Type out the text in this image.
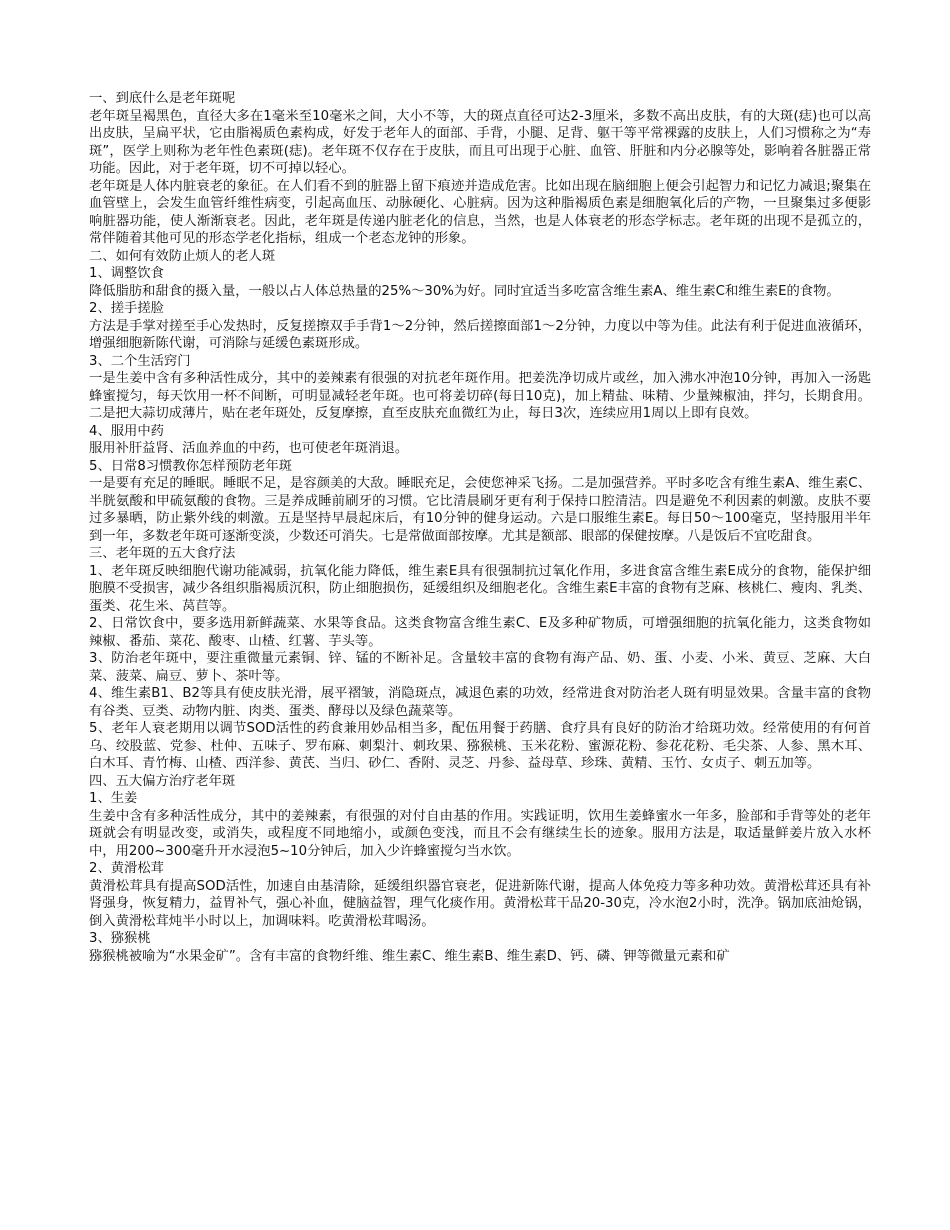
一、到底什么是老年斑呢

老年斑呈褐黑色，直径大多在1毫米至10毫米之间，大小不等，大的斑点直径可达2-3厘米，多数不高出皮肤，有的大斑(痣)也可以高出皮肤，呈扁平状，它由脂褐质色素构成，好发于老年人的面部、手背，小腿、足背、躯干等平常裸露的皮肤上，人们习惯称之为“寿斑”，医学上则称为老年性色素斑(痣)。老年斑不仅存在于皮肤，而且可出现于心脏、血管、肝脏和内分必腺等处，影响着各脏器正常功能。因此，对于老年斑，切不可掉以轻心。

老年斑是人体内脏衰老的象征。在人们看不到的脏器上留下痕迹并造成危害。比如出现在脑细胞上便会引起智力和记忆力减退;聚集在血管壁上，会发生血管纤维性病变，引起高血压、动脉硬化、心脏病。因为这种脂褐质色素是细胞氧化后的产物，一旦聚集过多便影响脏器功能，使人渐渐衰老。因此，老年斑是传递内脏老化的信息，当然，也是人体衰老的形态学标志。老年斑的出现不是孤立的，常伴随着其他可见的形态学老化指标，组成一个老态龙钟的形象。

二、如何有效防止烦人的老人斑

1、调整饮食

降低脂肪和甜食的摄入量，一般以占人体总热量的25%～30%为好。同时宜适当多吃富含维生素A、维生素C和维生素E的食物。

2、搓手搓脸

方法是手掌对搓至手心发热时，反复搓擦双手手背1～2分钟，然后搓擦面部1～2分钟，力度以中等为佳。此法有利于促进血液循环，增强细胞新陈代谢，可消除与延缓色素斑形成。

3、二个生活窍门

一是生姜中含有多种活性成分，其中的姜辣素有很强的对抗老年斑作用。把姜洗净切成片或丝，加入沸水冲泡10分钟，再加入一汤匙蜂蜜搅匀，每天饮用一杯不间断，可明显减轻老年斑。也可将姜切碎(每日10克)，加上精盐、味精、少量辣椒油，拌匀，长期食用。二是把大蒜切成薄片，贴在老年斑处，反复摩擦，直至皮肤充血微红为止，每日3次，连续应用1周以上即有良效。

4、服用中药

服用补肝益肾、活血养血的中药，也可使老年斑消退。

5、日常8习惯教你怎样预防老年斑

一是要有充足的睡眠。睡眠不足，是容颜美的大敌。睡眠充足，会使您神采飞扬。二是加强营养。平时多吃含有维生素A、维生素C、半胱氨酸和甲硫氨酸的食物。三是养成睡前刷牙的习惯。它比清晨刷牙更有利于保持口腔清洁。四是避免不利因素的刺激。皮肤不要过多暴晒，防止紫外线的刺激。五是坚持早晨起床后，有10分钟的健身运动。六是口服维生素E。每日50～100毫克，坚持服用半年到一年，多数老年斑可逐渐变淡，少数还可消失。七是常做面部按摩。尤其是额部、眼部的保健按摩。八是饭后不宜吃甜食。

三、老年斑的五大食疗法

1、老年斑反映细胞代谢功能减弱，抗氧化能力降低，维生素E具有很强制抗过氧化作用，多进食富含维生素E成分的食物，能保护细胞膜不受损害，减少各组织脂褐质沉积，防止细胞损伤，延缓组织及细胞老化。含维生素E丰富的食物有芝麻、核桃仁、瘦肉、乳类、蛋类、花生米、莴苣等。

2、日常饮食中，要多选用新鲜蔬菜、水果等食品。这类食物富含维生素C、E及多种矿物质，可增强细胞的抗氧化能力，这类食物如辣椒、番茄、菜花、酸枣、山楂、红薯、芋头等。

3、防治老年斑中，要注重微量元素铜、锌、锰的不断补足。含量较丰富的食物有海产品、奶、蛋、小麦、小米、黄豆、芝麻、大白菜、菠菜、扁豆、萝卜、茶叶等。

4、维生素B1、B2等具有使皮肤光滑，展平褶皱，消隐斑点，减退色素的功效，经常进食对防治老人斑有明显效果。含量丰富的食物有谷类、豆类、动物内脏、肉类、蛋类、酵母以及绿色蔬菜等。

5、老年人衰老期用以调节SOD活性的药食兼用妙品相当多，配伍用餐于药膳、食疗具有良好的防治才给斑功效。经常使用的有何首乌、绞股蓝、党参、杜仲、五味子、罗布麻、刺梨汁、刺玫果、猕猴桃、玉米花粉、蜜源花粉、参花花粉、毛尖茶、人参、黑木耳、白木耳、青竹梅、山楂、西洋参、黄芪、当归、砂仁、香附、灵芝、丹参、益母草、珍珠、黄精、玉竹、女贞子、刺五加等。

四、五大偏方治疗老年斑

1、生姜

生姜中含有多种活性成分，其中的姜辣素，有很强的对付自由基的作用。实践证明，饮用生姜蜂蜜水一年多，脸部和手背等处的老年斑就会有明显改变，或消失，或程度不同地缩小，或颜色变浅，而且不会有继续生长的迹象。服用方法是，取适量鲜姜片放入水杯中，用200~300毫升开水浸泡5~10分钟后，加入少许蜂蜜搅匀当水饮。

2、黄滑松茸

黄滑松茸具有提高SOD活性，加速自由基清除，延缓组织器官衰老，促进新陈代谢，提高人体免疫力等多种功效。黄滑松茸还具有补肾强身，恢复精力，益胃补气，强心补血，健脑益智，理气化痰作用。黄滑松茸干品20-30克，冷水泡2小时，洗净。锅加底油炝锅，倒入黄滑松茸炖半小时以上，加调味料。吃黄滑松茸喝汤。

3、猕猴桃

猕猴桃被喻为“水果金矿”。含有丰富的食物纤维、维生素C、维生素B、维生素D、钙、磷、钾等微量元素和矿
